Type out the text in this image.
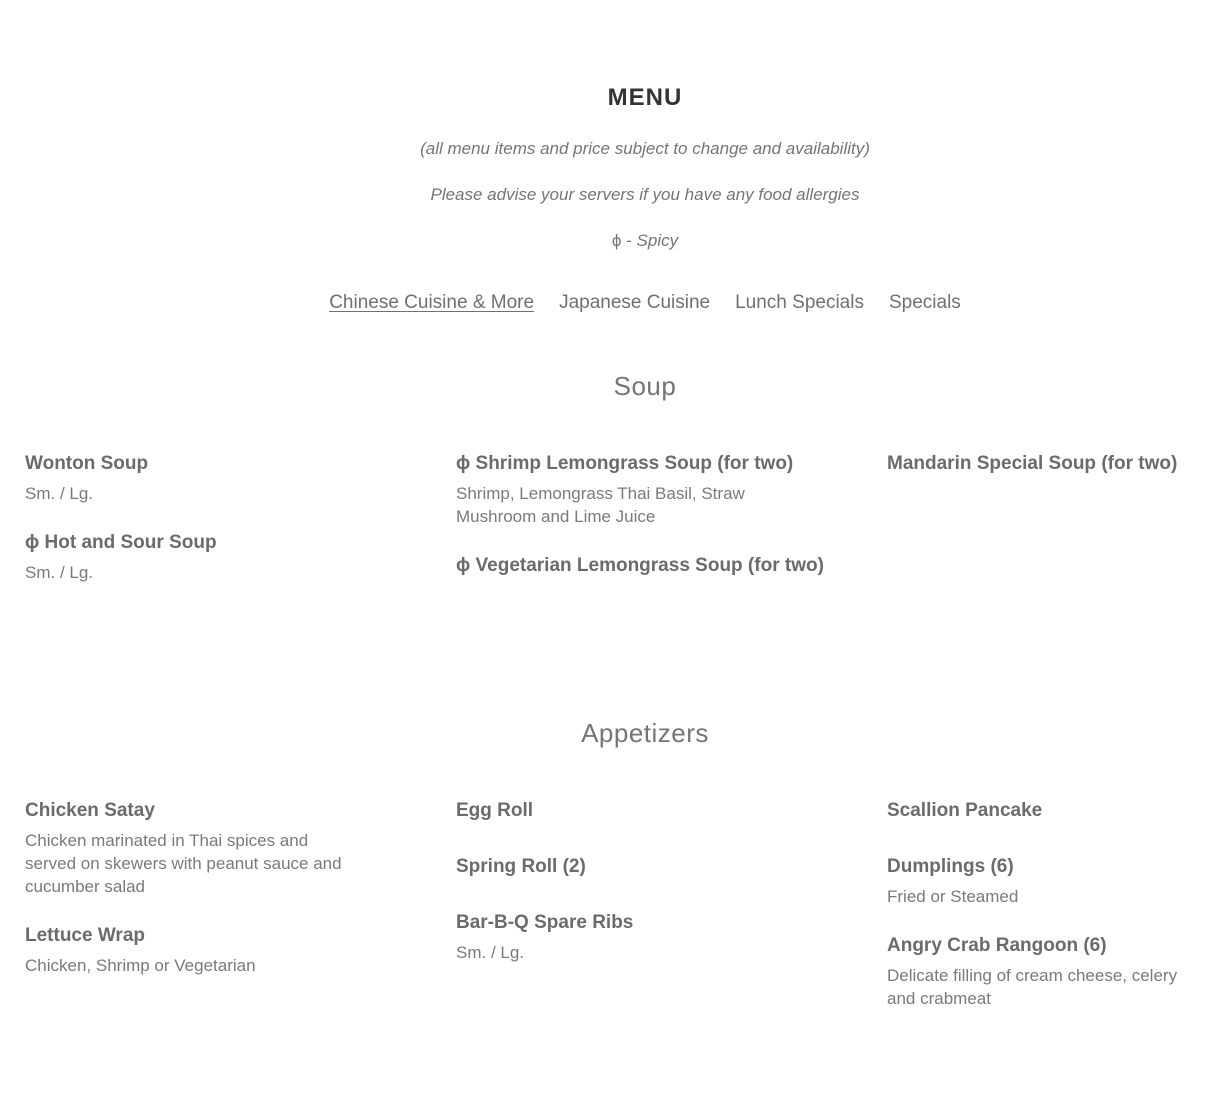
MENU

(all menu items and price subject to change and availability)

Please advise your servers if you have any food allergies

ϕ - Spicy

Chinese Cuisine & More Japanese Cuisine Lunch Specials Specials
Soup

Wonton Soup

Sm. / Lg.

ϕ Hot and Sour Soup

Sm. / Lg.

ϕ Shrimp Lemongrass Soup (for two)

Shrimp, Lemongrass Thai Basil, Straw Mushroom and Lime Juice

ϕ Vegetarian Lemongrass Soup (for two)

Mandarin Special Soup (for two)

Appetizers

Chicken Satay

Chicken marinated in Thai spices and served on skewers with peanut sauce and cucumber salad

Lettuce Wrap

Chicken, Shrimp or Vegetarian

Egg Roll

Spring Roll (2)

Bar-B-Q Spare Ribs

Sm. / Lg.

Scallion Pancake

Dumplings (6)

Fried or Steamed

Angry Crab Rangoon (6)

Delicate filling of cream cheese, celery and crabmeat
